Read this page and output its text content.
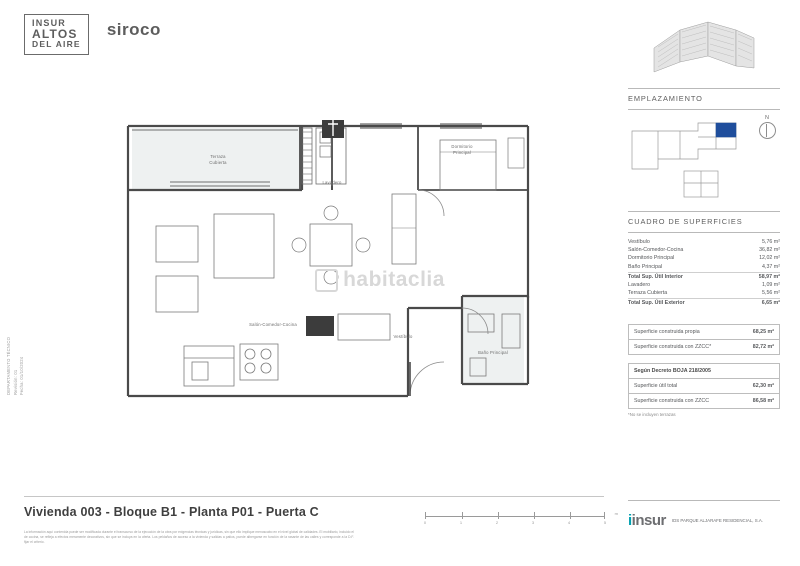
INSUR
ALTOS
DEL AIRE
siroco
EMPLAZAMIENTO
N
CUADRO DE SUPERFICIES
Vestíbulo	5,76 m²
Salón-Comedor-Cocina	36,82 m²
Dormitorio Principal	12,02 m²
Baño Principal	4,37 m²

Total Sup. Útil Interior	58,97 m²
Lavadero	1,09 m²
Terraza Cubierta	5,56 m²

Total Sup. Útil Exterior	6,65 m²
Superficie construida propia	68,25 m²
Superficie construida con ZZCC*	82,72 m²
Según Decreto BOJA 218/2005
Superficie útil total	62,30 m²
Superficie construida con ZZCC	86,58 m²
*No se incluyen terrazas
habitaclia
Terraza
Cubierta
Lavadero
Dormitorio
Principal
Salón-Comedor-Cocina
Vestíbulo
Baño Principal
Vivienda 003 - Bloque B1 - Planta P01 - Puerta C
La información aquí contenida puede ser modificada durante el transcurso de la ejecución de la obra por exigencias técnicas y jurídicas, sin que ello implique menoscabo en el nivel global de calidades. El mobiliario, incluido el de cocina, se refleja a efectos meramente decorativos, sin que se incluya en la oferta. Los peldaños de acceso a la vivienda y salidas a patios, puede albergarse en función de la rasante de las calles y corresponde a la D.F. fijar el criterio.
m
0	1	2	3	4	5 iinsur IDS PARQUE ALJARAFE RESIDENCIAL, S.A.
DEPARTAMENTO TÉCNICO Revisión: 01 Fecha: 01/10/2024
